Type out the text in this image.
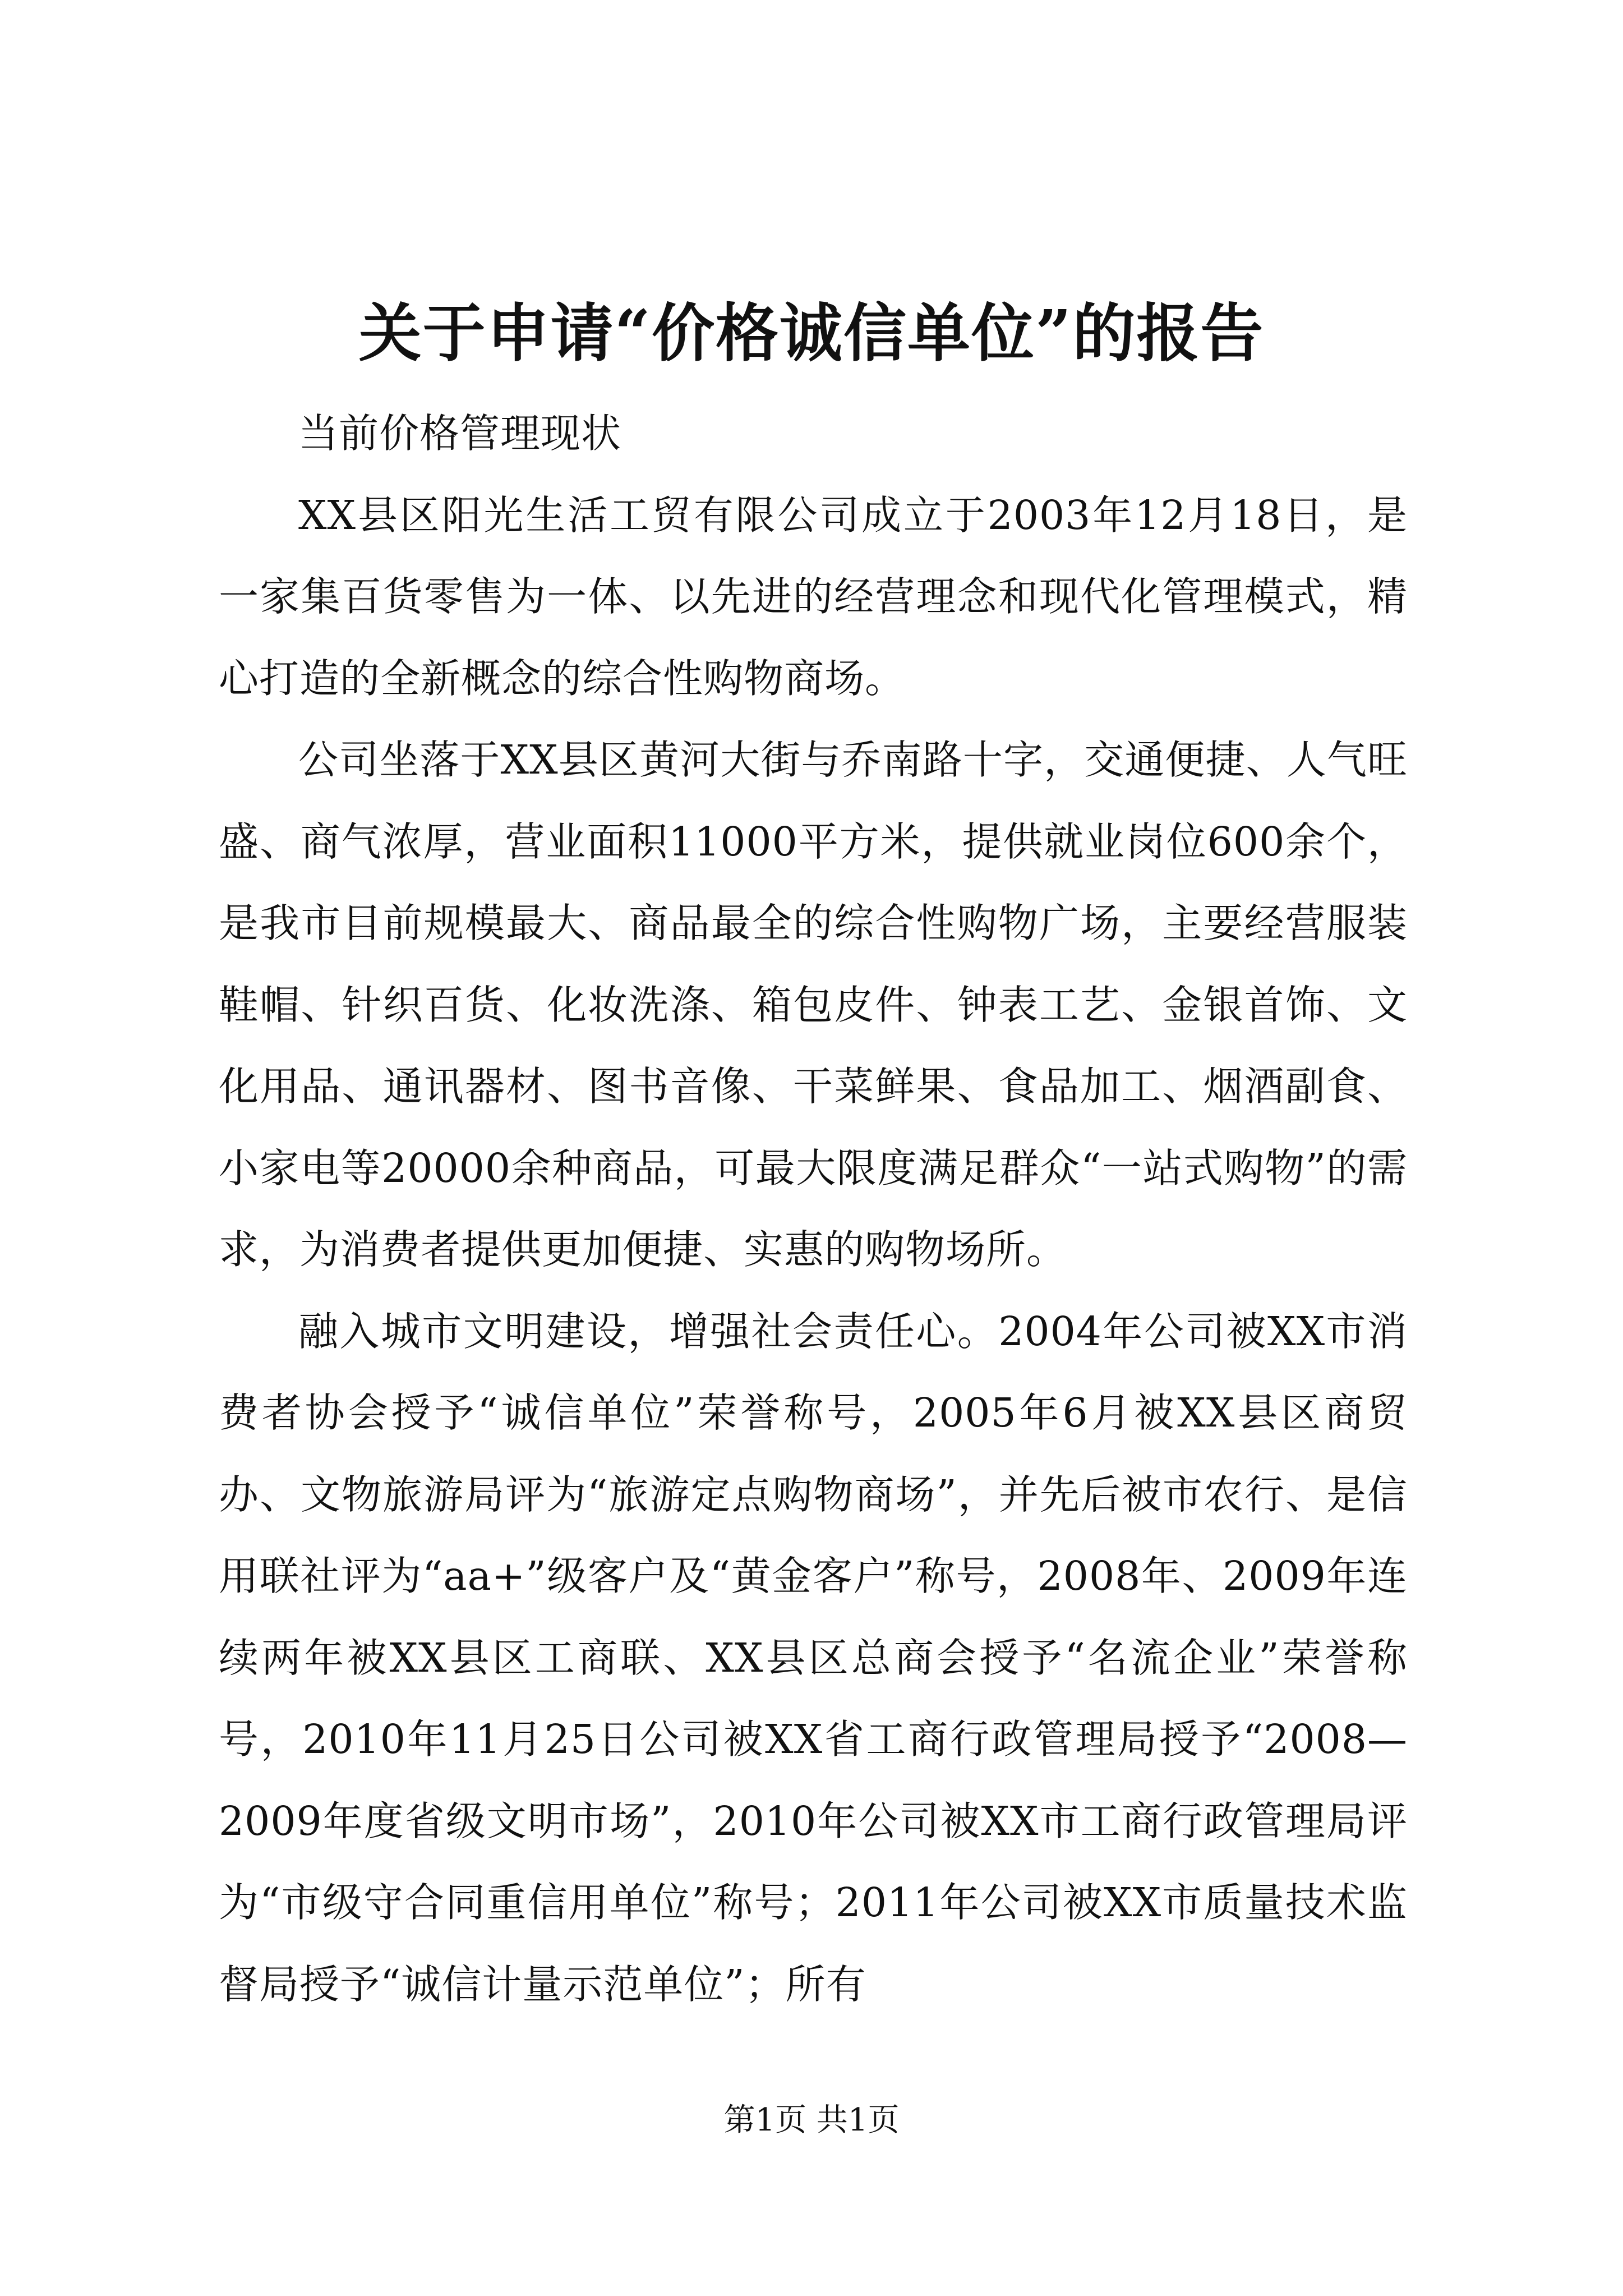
关于申请“价格诚信单位”的报告

当前价格管理现状

XX县区阳光生活工贸有限公司成立于2003年12月18日，是一家集百货零售为一体、以先进的经营理念和现代化管理模式，精心打造的全新概念的综合性购物商场。

公司坐落于XX县区黄河大街与乔南路十字，交通便捷、人气旺盛、商气浓厚，营业面积11000平方米，提供就业岗位600余个，是我市目前规模最大、商品最全的综合性购物广场，主要经营服装鞋帽、针织百货、化妆洗涤、箱包皮件、钟表工艺、金银首饰、文化用品、通讯器材、图书音像、干菜鲜果、食品加工、烟酒副食、小家电等20000余种商品，可最大限度满足群众“一站式购物”的需求，为消费者提供更加便捷、实惠的购物场所。

融入城市文明建设，增强社会责任心。2004年公司被XX市消费者协会授予“诚信单位”荣誉称号，2005年6月被XX县区商贸办、文物旅游局评为“旅游定点购物商场”，并先后被市农行、是信用联社评为“aa+”级客户及“黄金客户”称号，2008年、2009年连续两年被XX县区工商联、XX县区总商会授予“名流企业”荣誉称号，2010年11月25日公司被XX省工商行政管理局授予“2008—2009年度省级文明市场”，2010年公司被XX市工商行政管理局评为“市级守合同重信用单位”称号；2011年公司被XX市质量技术监督局授予“诚信计量示范单位”；所有

第1页 共1页
